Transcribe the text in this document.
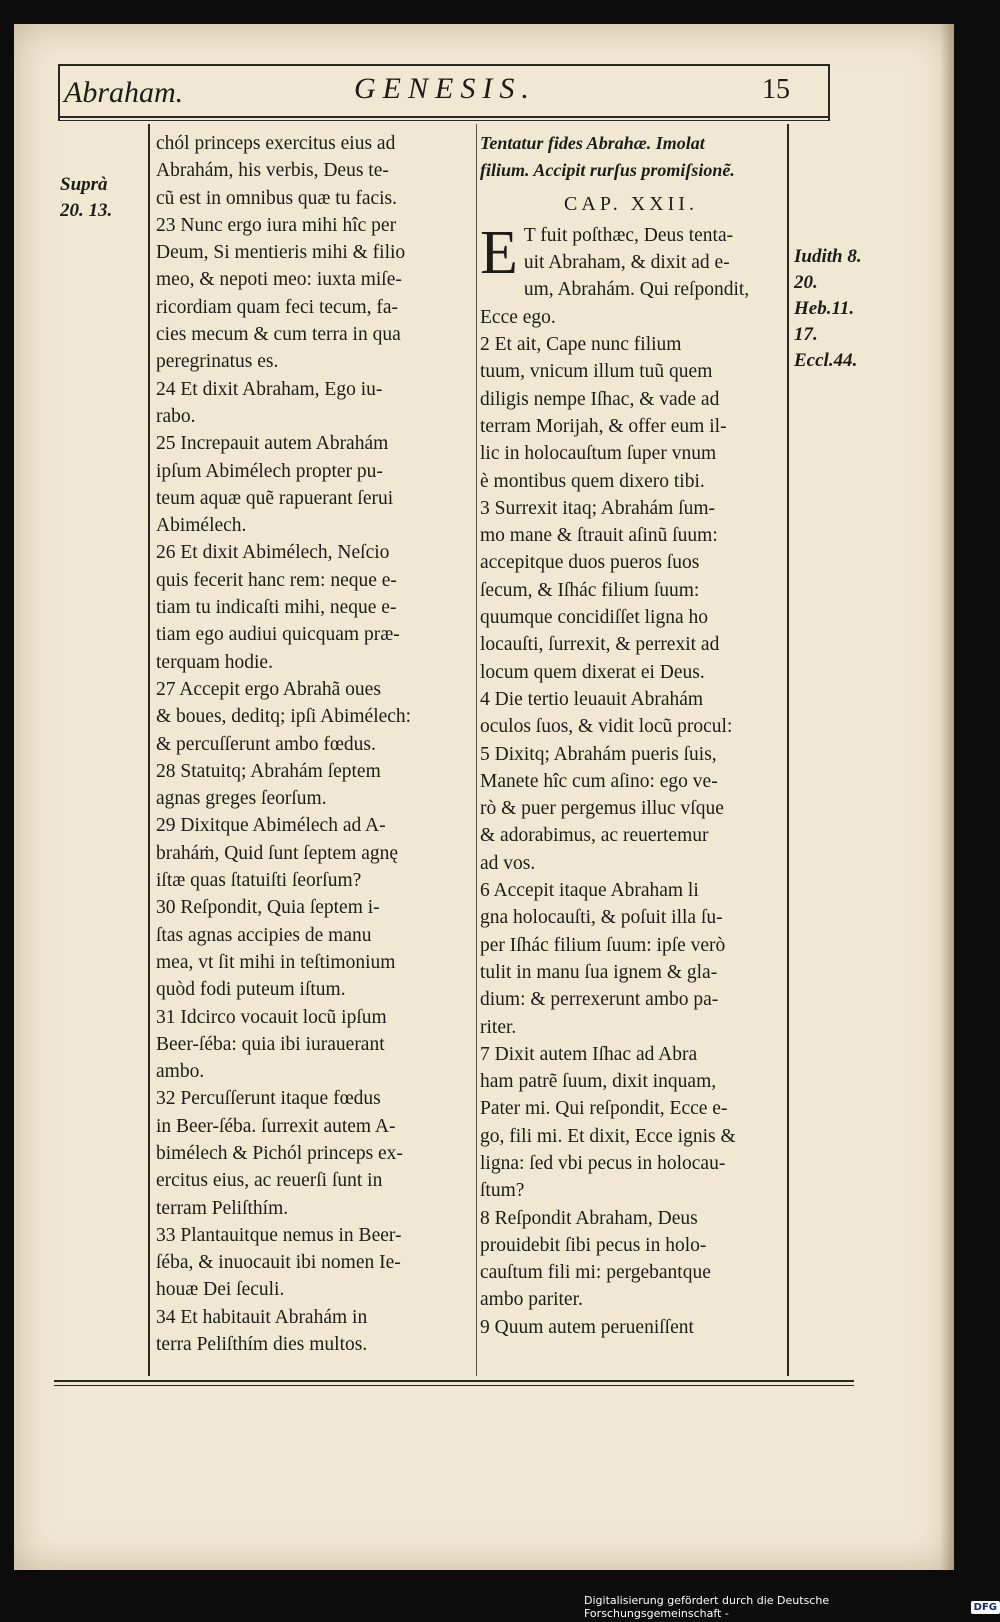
Abraham.	GENESIS.	15
Suprà
20. 13.
Iudith 8.
20.
Heb.11.
17.
Eccl.44.
chól princeps exercitus eius ad
Abrahám, his verbis, Deus te-
cũ est in omnibus quæ tu facis.
23 Nunc ergo iura mihi hîc per
Deum, Si mentieris mihi & filio
meo, & nepoti meo: iuxta miſe-
ricordiam quam feci tecum, fa-
cies mecum & cum terra in qua
peregrinatus es.
24 Et dixit Abraham, Ego iu-
rabo.
25 Increpauit autem Abrahám
ipſum Abimélech propter pu-
teum aquæ quẽ rapuerant ſerui
Abimélech.
26 Et dixit Abimélech, Neſcio
quis fecerit hanc rem: neque e-
tiam tu indicaſti mihi, neque e-
tiam ego audiui quicquam præ-
terquam hodie.
27 Accepit ergo Abrahã oues
& boues, deditq; ipſi Abimélech:
& percuſſerunt ambo fœdus.
28 Statuitq; Abrahám ſeptem
agnas greges ſeorſum.
29 Dixitque Abimélech ad A-
braháṁ, Quid ſunt ſeptem agnę
iſtæ quas ſtatuiſti ſeorſum?
30 Reſpondit, Quia ſeptem i-
ſtas agnas accipies de manu
mea, vt ſit mihi in teſtimonium
quòd fodi puteum iſtum.
31 Idcirco vocauit locũ ipſum
Beer-ſéba: quia ibi iurauerant
ambo.
32 Percuſſerunt itaque fœdus
in Beer-ſéba. ſurrexit autem A-
bimélech & Pichól princeps ex-
ercitus eius, ac reuerſi ſunt in
terram Peliſthím.
33 Plantauitque nemus in Beer-
ſéba, & inuocauit ibi nomen Ie-
houæ Dei ſeculi.
34 Et habitauit Abrahám in
terra Peliſthím dies multos.
Tentatur fides Abrahæ. Imolat
filium. Accipit rurſus promiſsionẽ.
CAP. XXII.
E T fuit poſthæc, Deus tenta-
uit Abraham, & dixit ad e-
um, Abrahám. Qui reſpondit,
Ecce ego.
2 Et ait, Cape nunc filium
tuum, vnicum illum tuũ quem
diligis nempe Iſhac, & vade ad
terram Morijah, & offer eum il-
lic in holocauſtum ſuper vnum
è montibus quem dixero tibi.
3 Surrexit itaq; Abrahám ſum-
mo mane & ſtrauit aſinũ ſuum:
accepitque duos pueros ſuos
ſecum, & Iſhác filium ſuum:
quumque concidiſſet ligna ho
locauſti, ſurrexit, & perrexit ad
locum quem dixerat ei Deus.
4 Die tertio leuauit Abrahám
oculos ſuos, & vidit locũ procul:
5 Dixitq; Abrahám pueris ſuis,
Manete hîc cum aſino: ego ve-
rò & puer pergemus illuc vſque
& adorabimus, ac reuertemur
ad vos.
6 Accepit itaque Abraham li
gna holocauſti, & poſuit illa ſu-
per Iſhác filium ſuum: ipſe verò
tulit in manu ſua ignem & gla-
dium: & perrexerunt ambo pa-
riter.
7 Dixit autem Iſhac ad Abra
ham patrẽ ſuum, dixit inquam,
Pater mi. Qui reſpondit, Ecce e-
go, fili mi. Et dixit, Ecce ignis &
ligna: ſed vbi pecus in holocau-
ſtum?
8 Reſpondit Abraham, Deus
prouidebit ſibi pecus in holo-
cauſtum fili mi: pergebantque
ambo pariter.
9 Quum autem perueniſſent
Digitalisierung gefördert durch die Deutsche Forschungsgemeinschaft -	DFG
